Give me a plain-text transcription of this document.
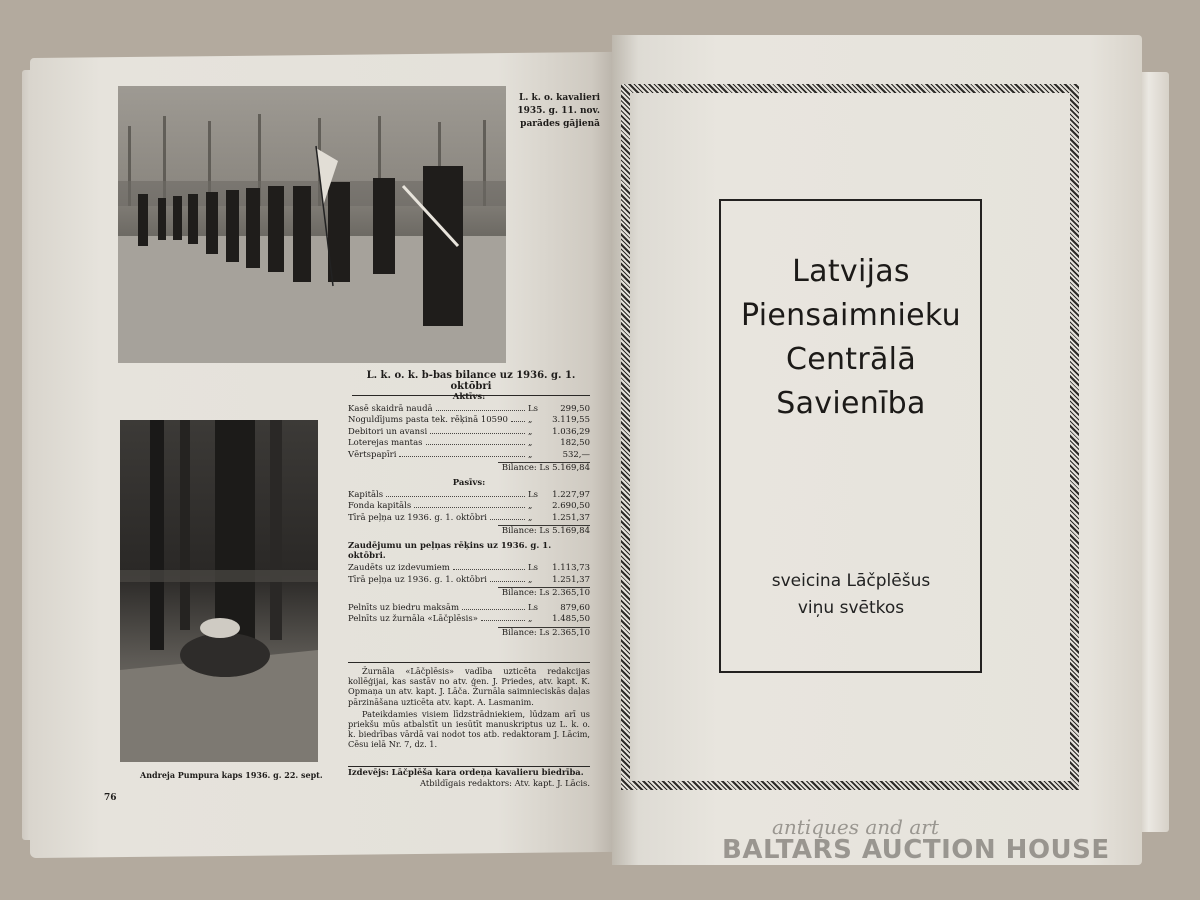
L. k. o. kavalieri
1935. g. 11. nov.
parādes gājienā
Andreja Pumpura kaps 1936. g. 22. sept.
76
L. k. o. k. b-bas bilance uz 1936. g. 1. oktōbri
Aktīvs:
Kasē skaidrā naudā	Ls	299,50
Noguldījums pasta tek. rēķinā 10590 „	3.119,55
Debitori un avansi	„	1.036,29
Loterejas mantas	„	182,50
Vērtspapīri	„	532,—
Bilance: Ls 5.169,84
Pasīvs:
Kapitāls	Ls	1.227,97
Fonda kapitāls	„	2.690,50
Tīrā peļņa uz 1936. g. 1. oktōbri	„	1.251,37
Bilance: Ls 5.169,84
Zaudējumu un peļņas rēķins uz 1936. g. 1. oktōbri.
Zaudēts uz izdevumiem	Ls	1.113,73
Tīrā peļņa uz 1936. g. 1. oktōbri	„	1.251,37
Bilance: Ls 2.365,10
Pelnīts uz biedru maksām	Ls	879,60
Pelnīts uz žurnāla «Lāčplēsis»	„	1.485,50
Bilance: Ls 2.365,10

Žurnāla «Lāčplēsis» vadība uzticēta redakcijas kollēģijai, kas sastāv no atv. ģen. J. Priedes, atv. kapt. K. Opmaņa un atv. kapt. J. Lāča. Žurnāla saimnieciskās daļas pārzināšana uzticēta atv. kapt. A. Lasmanim.

Pateikdamies visiem līdzstrādniekiem, lūdzam arī us priekšu mūs atbalstīt un iesūtīt manuskriptus uz L. k. o. k. biedrības vārdā vai nodot tos atb. redaktoram J. Lācim, Cēsu ielā Nr. 7, dz. 1.

Izdevējs: Lāčplēša kara ordeņa kavalieru biedrība.
Atbildīgais redaktors: Atv. kapt. J. Lācis.
Latvijas
Piensaimnieku
Centrālā
Savienība
sveicina Lāčplēšus
viņu svētkos
antiques and art
BALTARS AUCTION HOUSE
